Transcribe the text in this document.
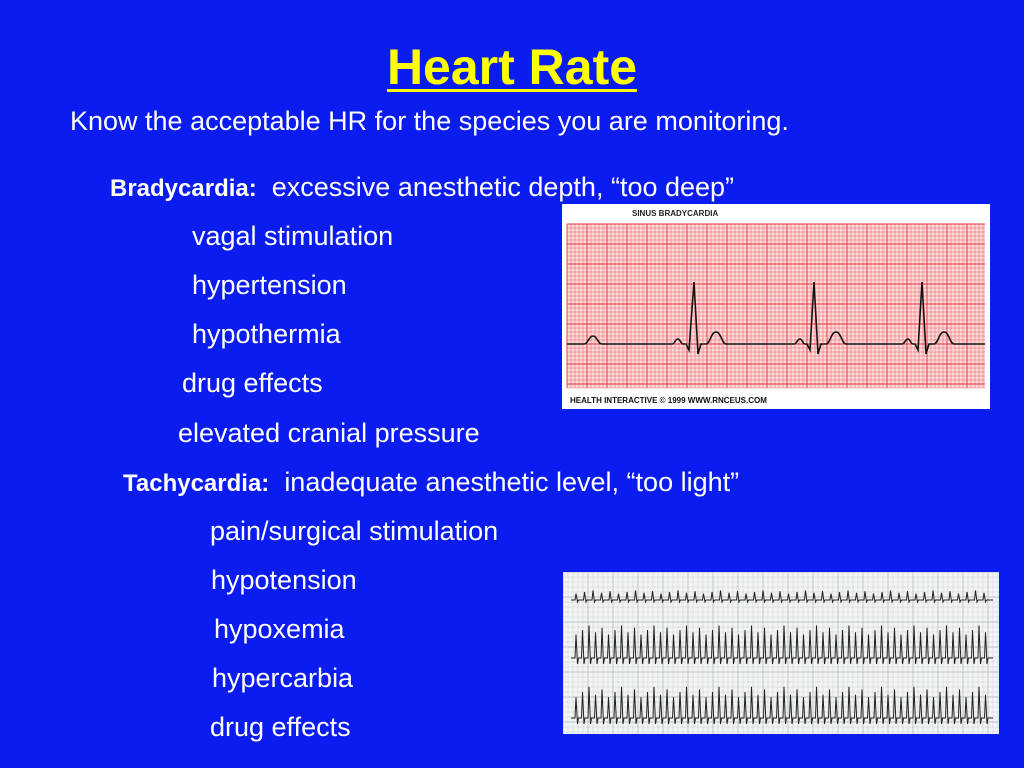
Heart Rate
Know the acceptable HR for the species you are monitoring.
Bradycardia: excessive anesthetic depth, “too deep”
vagal stimulation
hypertension
hypothermia
drug effects
elevated cranial pressure
Tachycardia: inadequate anesthetic level, “too light”
pain/surgical stimulation
hypotension
hypoxemia
hypercarbia
drug effects
SINUS BRADYCARDIA
HEALTH INTERACTIVE © 1999 WWW.RNCEUS.COM
